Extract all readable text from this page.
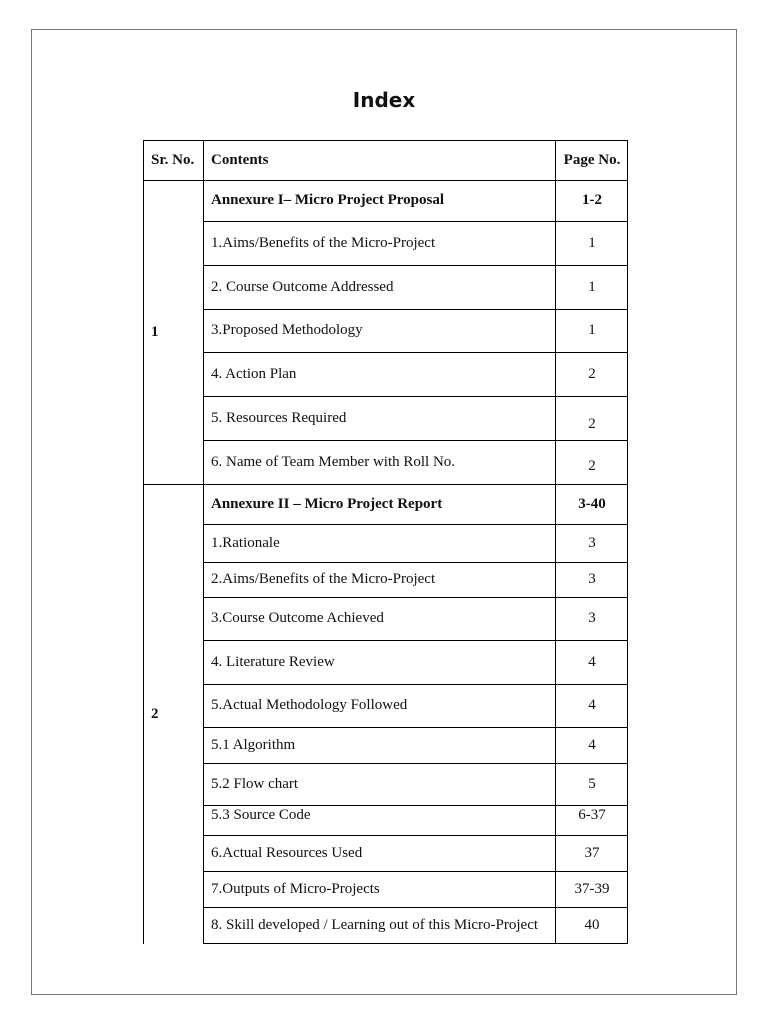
Index
Sr. No.	Contents	Page No.
1
Annexure I– Micro Project Proposal	1-2
1.Aims/Benefits of the Micro-Project	1
2. Course Outcome Addressed	1
3.Proposed Methodology	1
4. Action Plan	2
5. Resources Required	2
6. Name of Team Member with Roll No.	2
2
Annexure II – Micro Project Report	3-40
1.Rationale	3
2.Aims/Benefits of the Micro-Project	3
3.Course Outcome Achieved	3
4. Literature Review	4
5.Actual Methodology Followed	4
5.1 Algorithm	4
5.2 Flow chart	5
5.3 Source Code	6-37
6.Actual Resources Used	37
7.Outputs of Micro-Projects	37-39
8. Skill developed / Learning out of this Micro-Project	40
